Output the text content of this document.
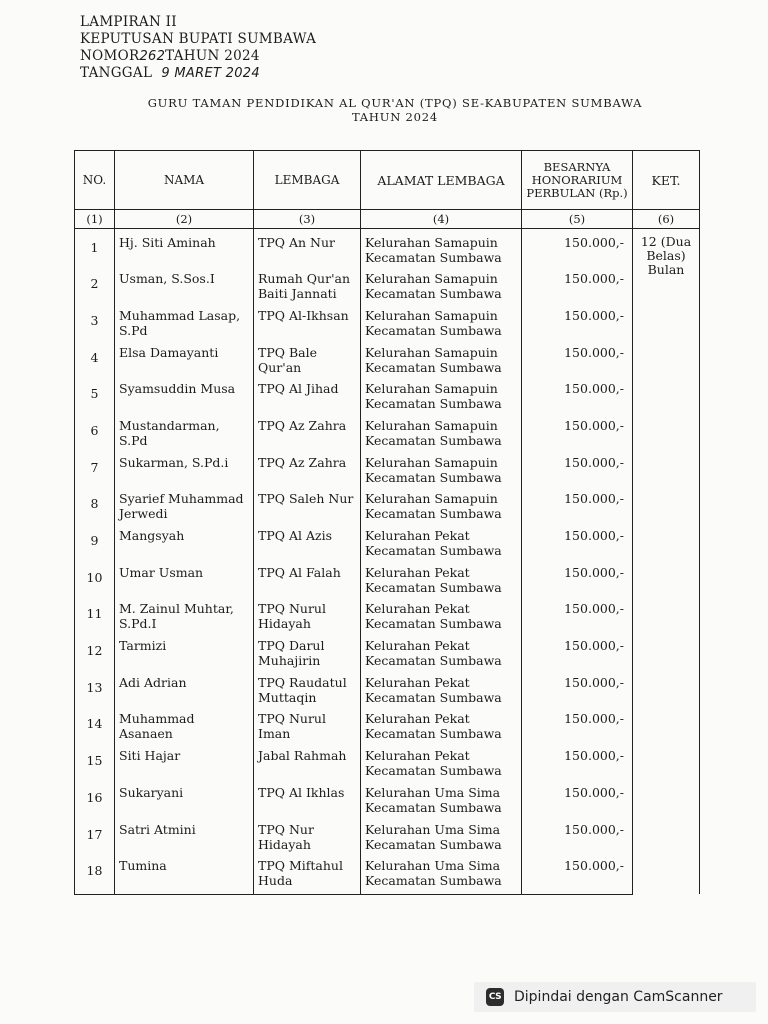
LAMPIRAN II
KEPUTUSAN BUPATI SUMBAWA
NOMOR262TAHUN 2024
TANGGAL 9 MARET 2024
GURU TAMAN PENDIDIKAN AL QUR'AN (TPQ) SE-KABUPATEN SUMBAWA
TAHUN 2024
NO.	NAMA	LEMBAGA	ALAMAT LEMBAGA	BESARNYA HONORARIUM PERBULAN (Rp.)	KET.
(1)	(2)	(3)	(4)	(5)	(6)
1	Hj. Siti Aminah	TPQ An Nur	Kelurahan Samapuin Kecamatan Sumbawa	150.000,-	12 (Dua Belas) Bulan
2	Usman, S.Sos.I	Rumah Qur'an Baiti Jannati	Kelurahan Samapuin Kecamatan Sumbawa	150.000,-	
3	Muhammad Lasap, S.Pd	TPQ Al-Ikhsan	Kelurahan Samapuin Kecamatan Sumbawa	150.000,-	
4	Elsa Damayanti	TPQ Bale Qur'an	Kelurahan Samapuin Kecamatan Sumbawa	150.000,-	
5	Syamsuddin Musa	TPQ Al Jihad	Kelurahan Samapuin Kecamatan Sumbawa	150.000,-	
6	Mustandarman, S.Pd	TPQ Az Zahra	Kelurahan Samapuin Kecamatan Sumbawa	150.000,-	
7	Sukarman, S.Pd.i	TPQ Az Zahra	Kelurahan Samapuin Kecamatan Sumbawa	150.000,-	
8	Syarief Muhammad Jerwedi	TPQ Saleh Nur	Kelurahan Samapuin Kecamatan Sumbawa	150.000,-	
9	Mangsyah	TPQ Al Azis	Kelurahan Pekat Kecamatan Sumbawa	150.000,-	
10	Umar Usman	TPQ Al Falah	Kelurahan Pekat Kecamatan Sumbawa	150.000,-	
11	M. Zainul Muhtar, S.Pd.I	TPQ Nurul Hidayah	Kelurahan Pekat Kecamatan Sumbawa	150.000,-	
12	Tarmizi	TPQ Darul Muhajirin	Kelurahan Pekat Kecamatan Sumbawa	150.000,-	
13	Adi Adrian	TPQ Raudatul Muttaqin	Kelurahan Pekat Kecamatan Sumbawa	150.000,-	
14	Muhammad Asanaen	TPQ Nurul Iman	Kelurahan Pekat Kecamatan Sumbawa	150.000,-	
15	Siti Hajar	Jabal Rahmah	Kelurahan Pekat Kecamatan Sumbawa	150.000,-	
16	Sukaryani	TPQ Al Ikhlas	Kelurahan Uma Sima Kecamatan Sumbawa	150.000,-	
17	Satri Atmini	TPQ Nur Hidayah	Kelurahan Uma Sima Kecamatan Sumbawa	150.000,-	
18	Tumina	TPQ Miftahul Huda	Kelurahan Uma Sima Kecamatan Sumbawa	150.000,-	
CS Dipindai dengan CamScanner
